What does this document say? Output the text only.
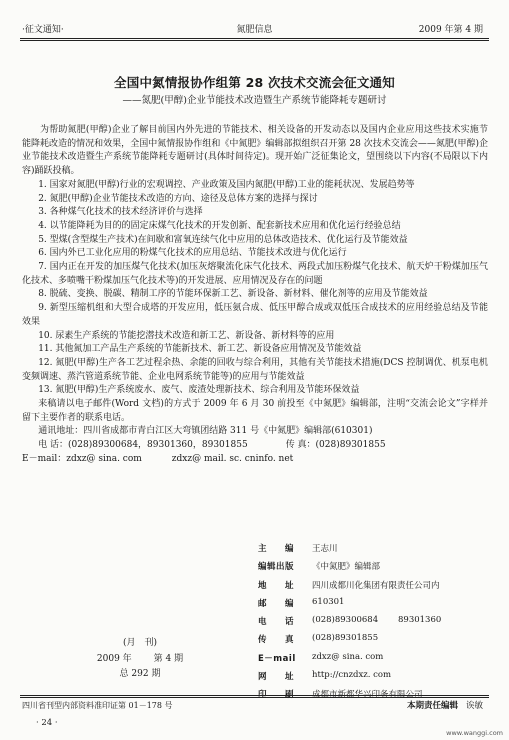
·征文通知·	氮肥信息	2009 年第 4 期
全国中氮情报协作组第 28 次技术交流会征文通知
——氮肥(甲醇)企业节能技术改造暨生产系统节能降耗专题研讨

为帮助氮肥(甲醇)企业了解目前国内外先进的节能技术、相关设备的开发动态以及国内企业应用这些技术实施节能降耗改造的情况和效果，全国中氮情报协作组和《中氮肥》编辑部拟组织召开第 28 次技术交流会——氮肥(甲醇)企业节能技术改造暨生产系统节能降耗专题研讨(具体时间待定)。现开始广泛征集论文，望围绕以下内容(不局限以下内容)踊跃投稿。

1. 国家对氮肥(甲醇)行业的宏观调控、产业政策及国内氮肥(甲醇)工业的能耗状况、发展趋势等

2. 氮肥(甲醇)企业节能技术改造的方向、途径及总体方案的选择与探讨

3. 各种煤气化技术的技术经济评价与选择

4. 以节能降耗为目的的固定床煤气化技术的开发创新、配套新技术应用和优化运行经验总结

5. 型煤(含型煤生产技术)在间歇和富氧连续气化中应用的总体改造技术、优化运行及节能效益

6. 国内外已工业化应用的粉煤气化技术的应用总结、节能技术改进与优化运行

7. 国内正在开发的加压煤气化技术(加压灰熔聚流化床气化技术、两段式加压粉煤气化技术、航天炉干粉煤加压气化技术、多喷嘴干粉煤加压气化技术等)的开发进展、应用情况及存在的问题

8. 脱硫、变换、脱碳、精制工序的节能环保新工艺、新设备、新材料、催化剂等的应用及节能效益

9. 新型压缩机组和大型合成塔的开发应用，低压氨合成、低压甲醇合成或双低压合成技术的应用经验总结及节能效果

10. 尿素生产系统的节能挖潜技术改造和新工艺、新设备、新材料等的应用

11. 其他氮加工产品生产系统的节能新技术、新工艺、新设备应用情况及节能效益

12. 氮肥(甲醇)生产各工艺过程余热、余能的回收与综合利用，其他有关节能技术措施(DCS 控制调优、机泵电机变频调速、蒸汽管道系统节能、企业电网系统节能等)的应用与节能效益

13. 氮肥(甲醇)生产系统废水、废气、废渣处理新技术、综合利用及节能环保效益

来稿请以电子邮件(Word 文档)的方式于 2009 年 6 月 30 前投至《中氮肥》编辑部，注明“交流会论文”字样并留下主要作者的联系电话。

通讯地址：四川省成都市青白江区大弯镇团结路 311 号《中氮肥》编辑部(610301)

电 话：(028)89300684，89301360，89301855	传 真：(028)89301855

E－mail：zdxz@ sina. com	zdxz@ mail. sc. cninfo. net

主　　编 王志川
编辑出版 《中氮肥》编辑部
地　　址 四川成都川化集团有限责任公司内
邮　　编 610301
电　　话 (028)89300684 89301360
传　　真 (028)89301855
E－mail zdxz@ sina. com
网　　址 http://cnzdxz. com
印　　刷 成都市新都华兴印务有限公司
(月　刊)
2009 年 第 4 期
总 292 期
四川省刊型内部资料准印证第 01－178 号	本期责任编辑 诶敏
· 24 ·
www.wanggi.com
